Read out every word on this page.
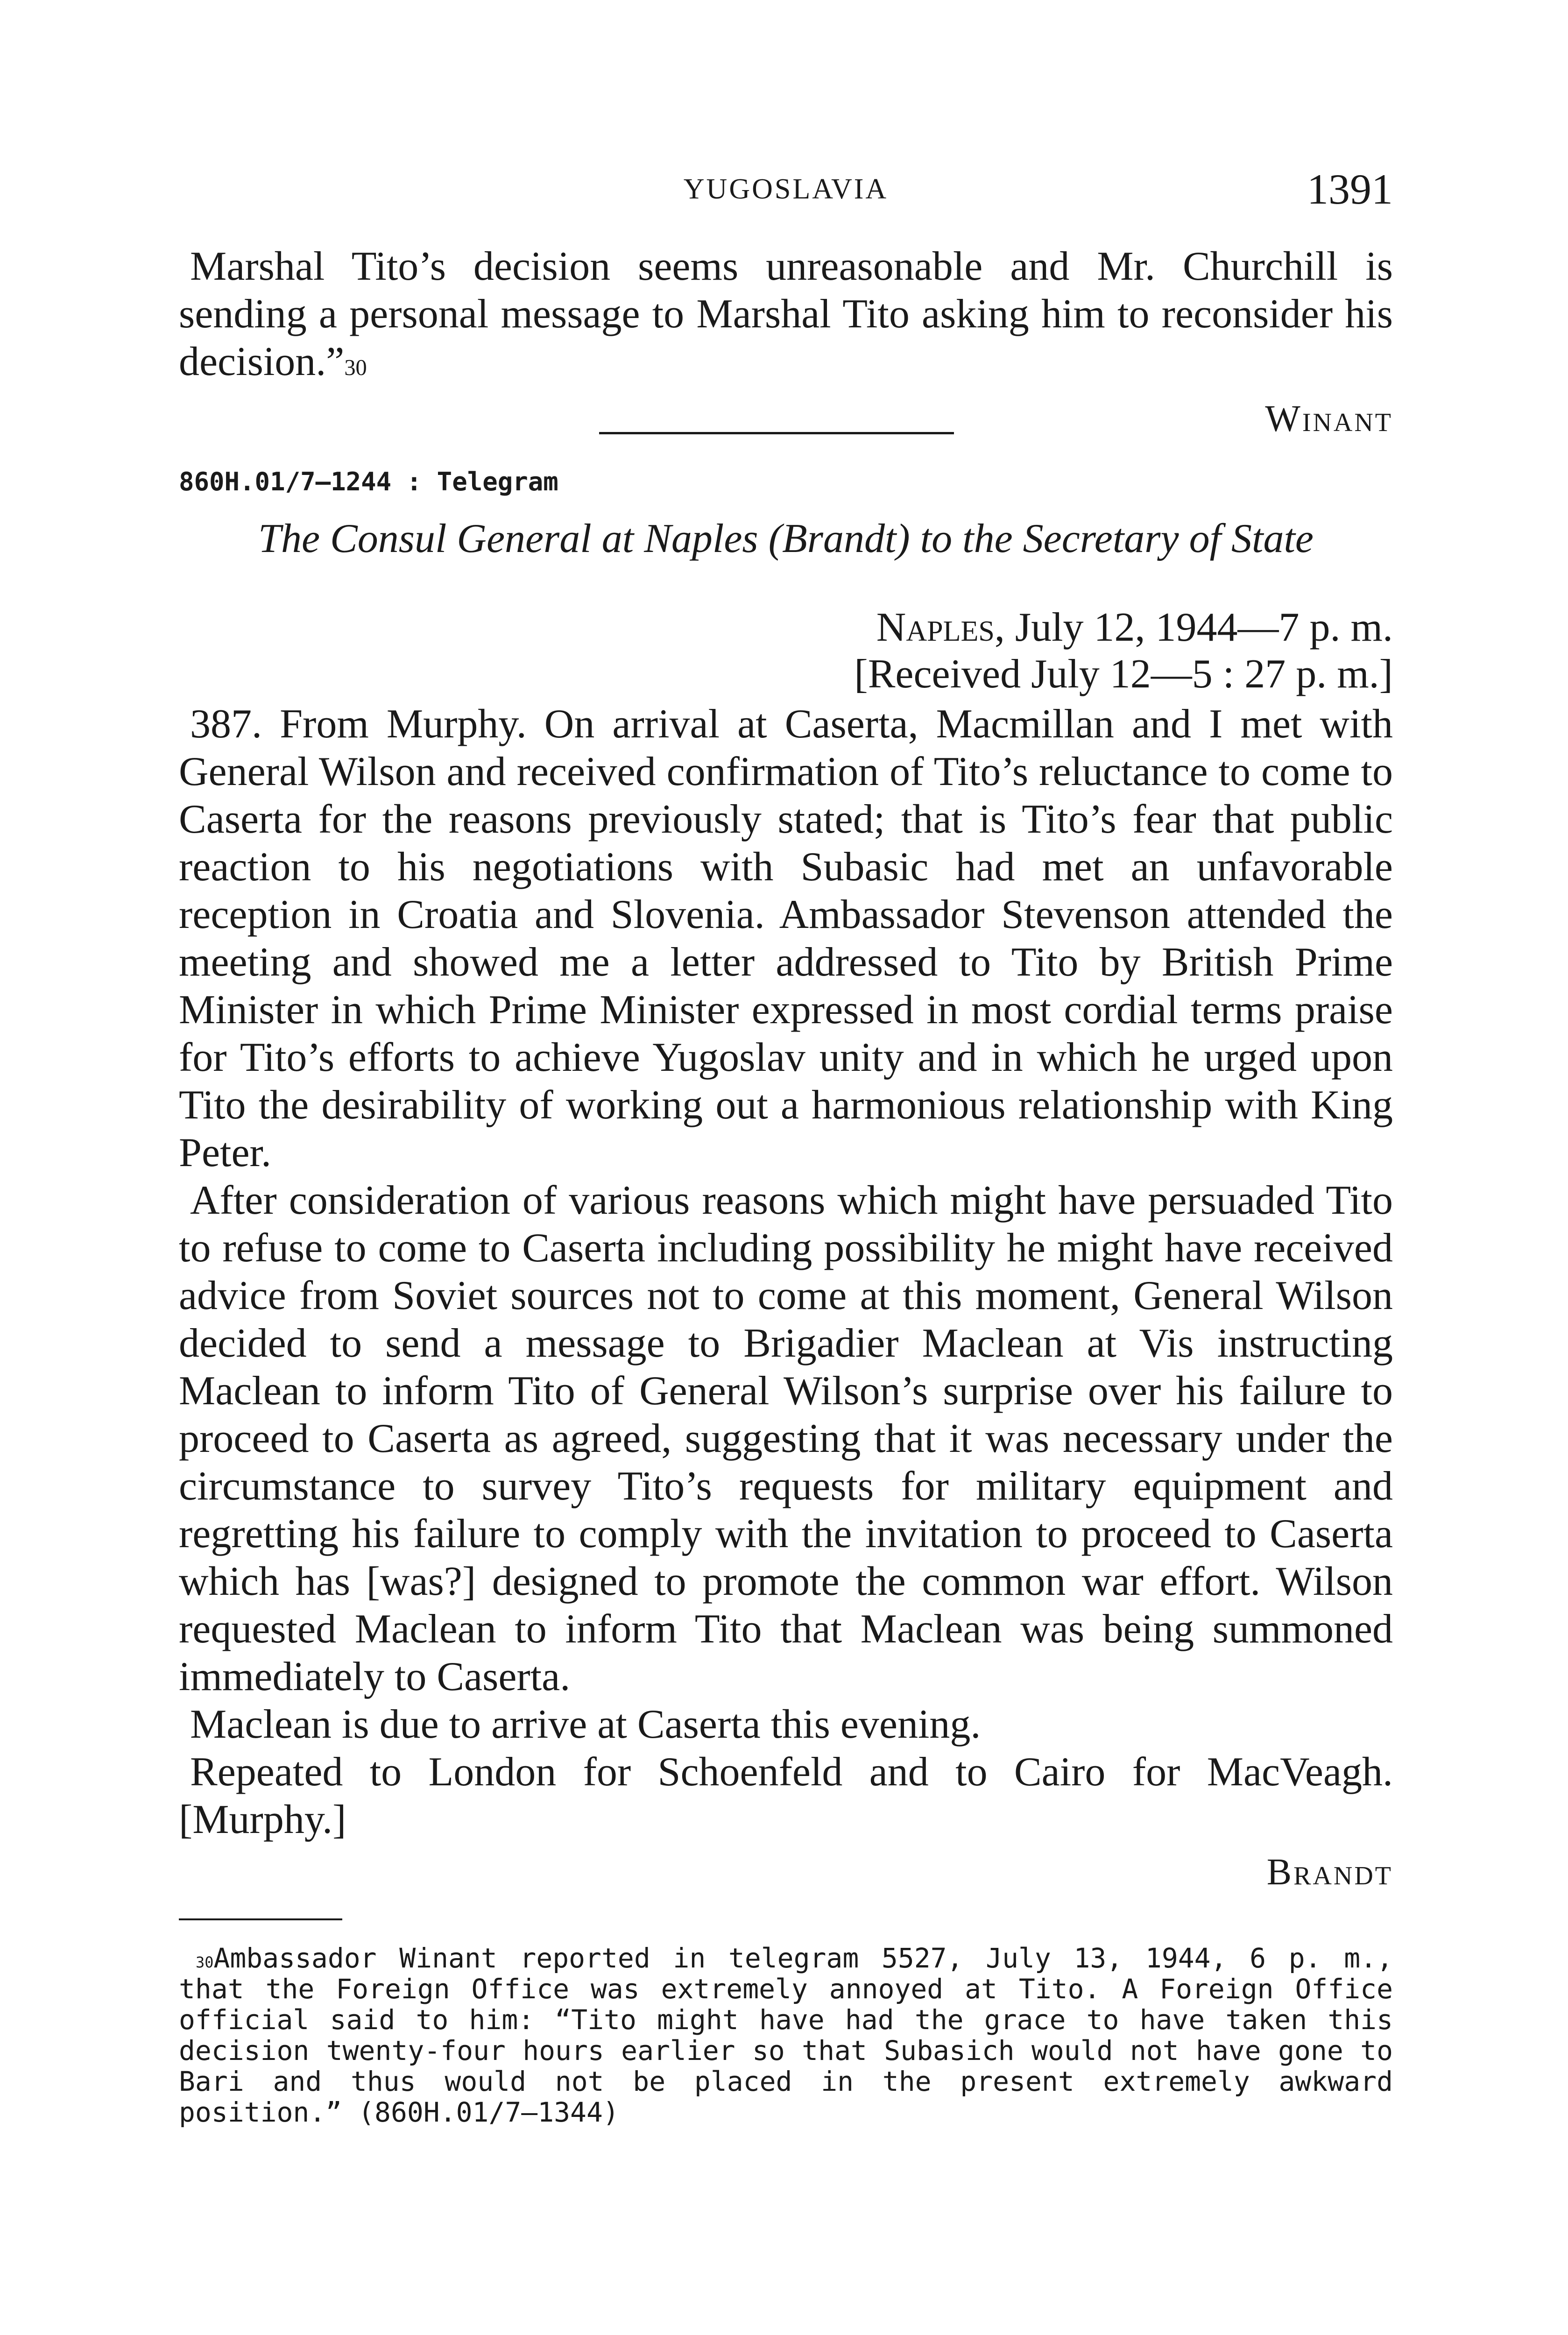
YUGOSLAVIA	1391

Marshal Tito’s decision seems unreasonable and Mr. Churchill is sending a personal message to Marshal Tito asking him to reconsider his decision.”$^{30}$

Winant

860H.01/7–1244 : Telegram
The Consul General at Naples (Brandt) to the Secretary of State
Naples, July 12, 1944—7 p. m.
[Received July 12—5 : 27 p. m.]

387. From Murphy. On arrival at Caserta, Macmillan and I met with General Wilson and received confirmation of Tito’s reluctance to come to Caserta for the reasons previously stated; that is Tito’s fear that public reaction to his negotiations with Subasic had met an unfavorable reception in Croatia and Slovenia. Ambassador Stevenson attended the meeting and showed me a letter addressed to Tito by British Prime Minister in which Prime Minister expressed in most cordial terms praise for Tito’s efforts to achieve Yugoslav unity and in which he urged upon Tito the desirability of working out a harmonious relationship with King Peter.

After consideration of various reasons which might have persuaded Tito to refuse to come to Caserta including possibility he might have received advice from Soviet sources not to come at this moment, General Wilson decided to send a message to Brigadier Maclean at Vis instructing Maclean to inform Tito of General Wilson’s surprise over his failure to proceed to Caserta as agreed, suggesting that it was necessary under the circumstance to survey Tito’s requests for military equipment and regretting his failure to comply with the invitation to proceed to Caserta which has [was?] designed to promote the common war effort. Wilson requested Maclean to inform Tito that Maclean was being summoned immediately to Caserta.

Maclean is due to arrive at Caserta this evening.

Repeated to London for Schoenfeld and to Cairo for MacVeagh. [Murphy.]

Brandt

$^{30}$Ambassador Winant reported in telegram 5527, July 13, 1944, 6 p. m., that the Foreign Office was extremely annoyed at Tito. A Foreign Office official said to him: “Tito might have had the grace to have taken this decision twenty-four hours earlier so that Subasich would not have gone to Bari and thus would not be placed in the present extremely awkward position.” (860H.01/7–1344)
